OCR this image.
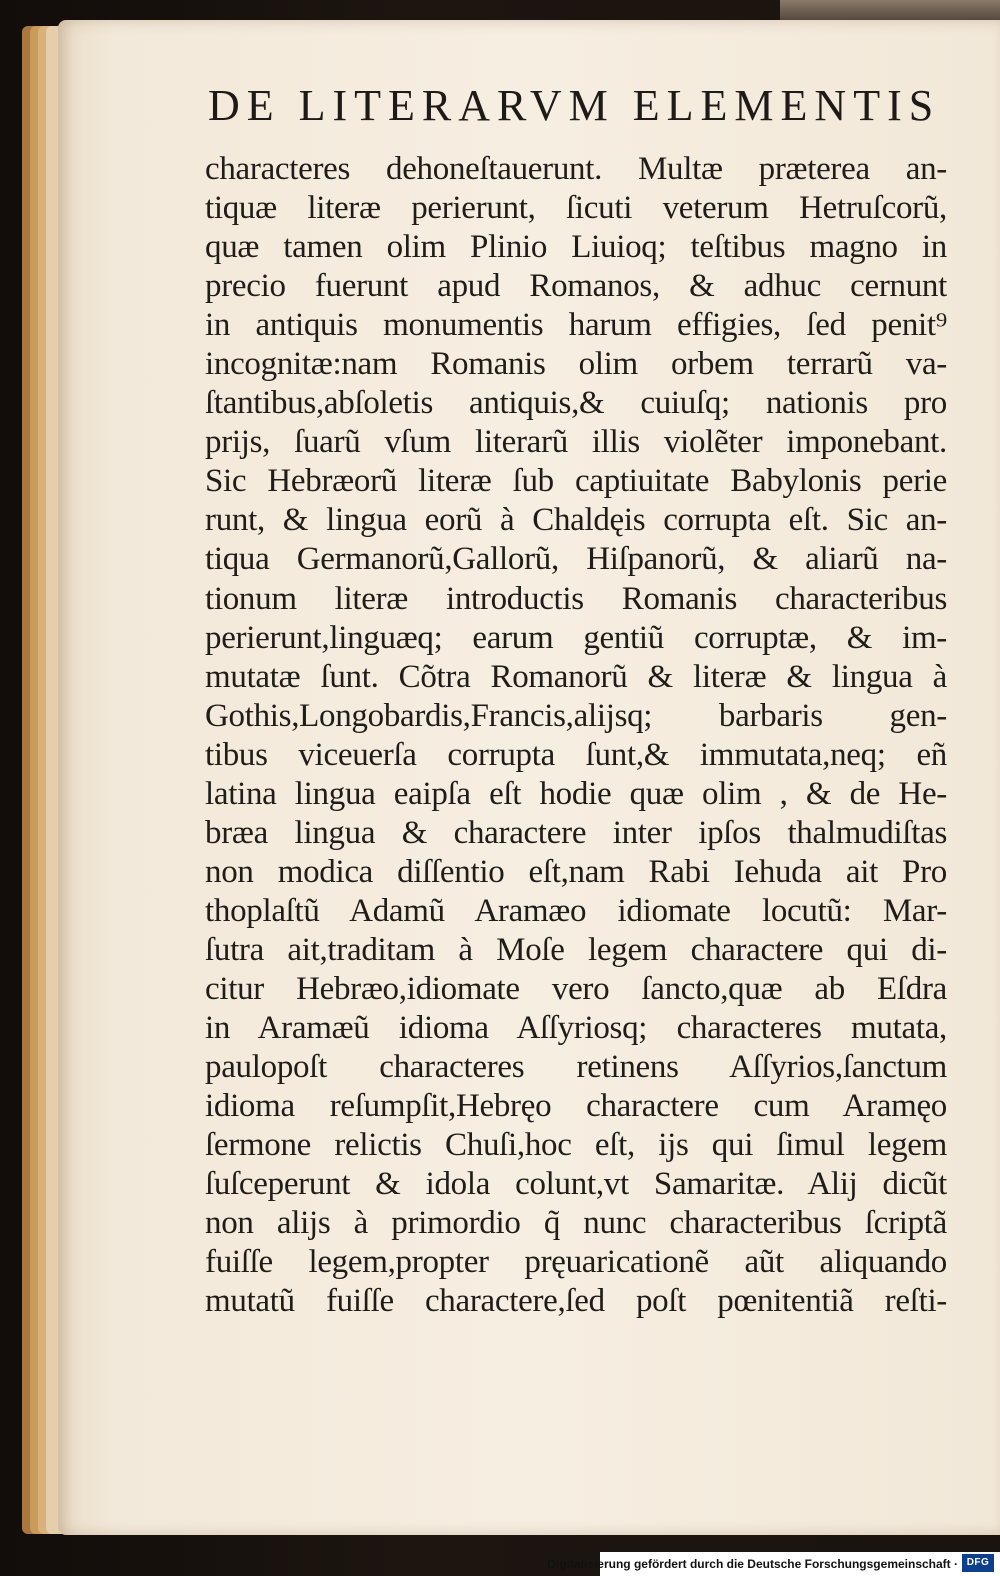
DE LITERARVM ELEMENTIS
characteres dehoneſtauerunt. Multæ præterea an-
tiquæ literæ perierunt, ſicuti veterum Hetruſcorũ,
quæ tamen olim Plinio Liuioq; teſtibus magno in
precio fuerunt apud Romanos, & adhuc cernunt
in antiquis monumentis harum effigies, ſed penit⁹
incognitæ:nam Romanis olim orbem terrarũ va-
ſtantibus,abſoletis antiquis,& cuiuſq; nationis pro
prijs, ſuarũ vſum literarũ illis violẽter imponebant.
Sic Hebræorũ literæ ſub captiuitate Babylonis perie
runt, & lingua eorũ à Chaldęis corrupta eſt. Sic an-
tiqua Germanorũ,Gallorũ, Hiſpanorũ, & aliarũ na-
tionum literæ introductis Romanis characteribus
perierunt,linguæq; earum gentiũ corruptæ, & im-
mutatæ ſunt. Cõtra Romanorũ & literæ & lingua à
Gothis,Longobardis,Francis,alijsq; barbaris gen-
tibus viceuerſa corrupta ſunt,& immutata,neq; eñ
latina lingua eaipſa eſt hodie quæ olim , & de He-
bræa lingua & charactere inter ipſos thalmudiſtas
non modica diſſentio eſt,nam Rabi Iehuda ait Pro
thoplaſtũ Adamũ Aramæo idiomate locutũ: Mar-
ſutra ait,traditam à Moſe legem charactere qui di-
citur Hebræo,idiomate vero ſancto,quæ ab Eſdra
in Aramæũ idioma Aſſyriosq; characteres mutata,
paulopoſt characteres retinens Aſſyrios,ſanctum
idioma reſumpſit,Hebręo charactere cum Aramęo
ſermone relictis Chuſi,hoc eſt, ijs qui ſimul legem
ſuſceperunt & idola colunt,vt Samaritæ. Alij dicũt
non alijs à primordio q̃ nunc characteribus ſcriptã
fuiſſe legem,propter pręuaricationẽ aũt aliquando
mutatũ fuiſſe charactere,ſed poſt pœnitentiã reſti-
Digitalisierung gefördert durch die Deutsche Forschungsgemeinschaft · DFG
